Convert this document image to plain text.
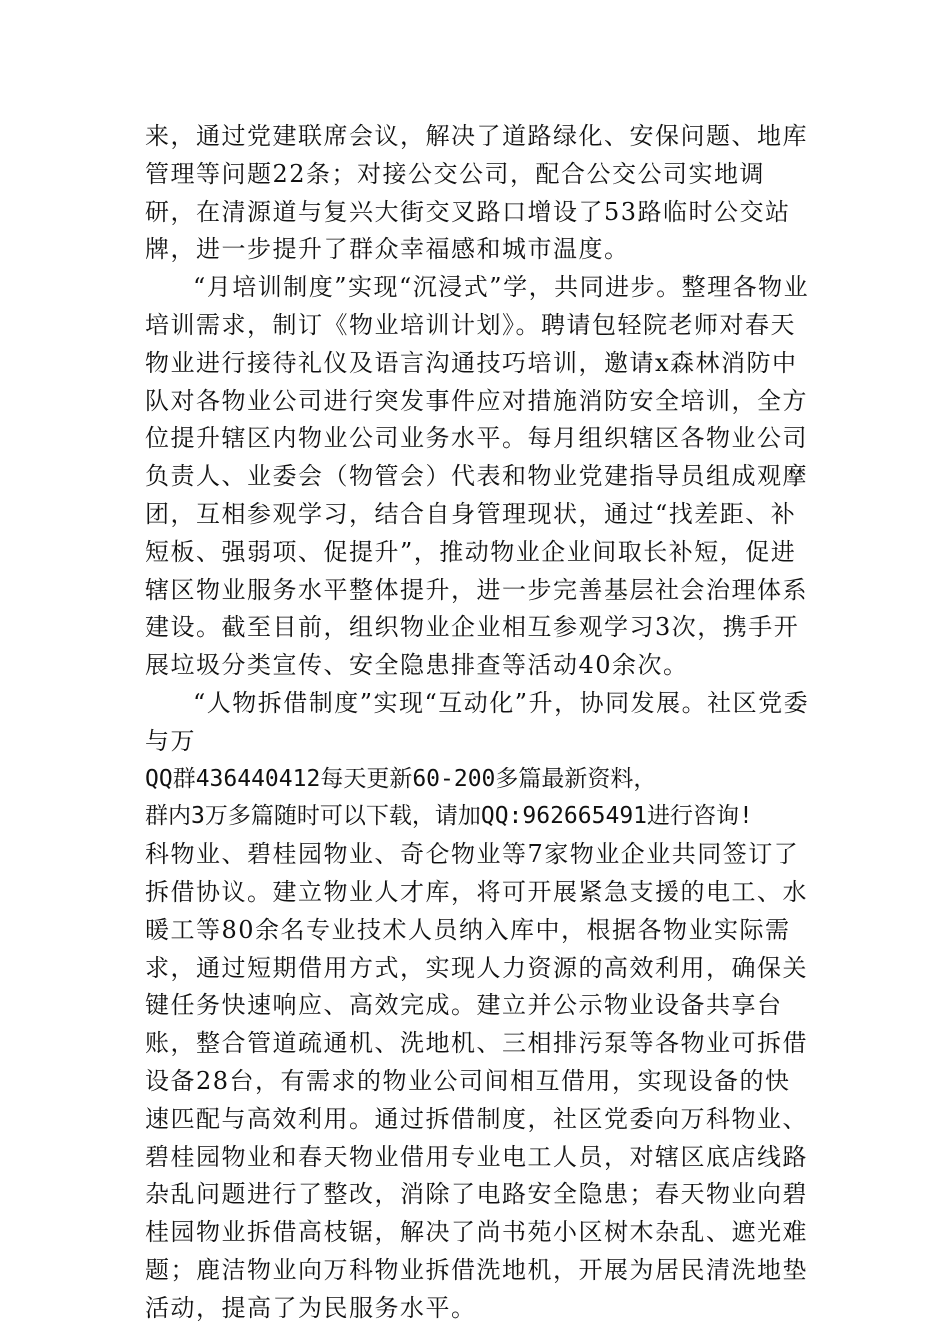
来，通过党建联席会议，解决了道路绿化、安保问题、地库管理等问题22条；对接公交公司，配合公交公司实地调研，在清源道与复兴大街交叉路口增设了53路临时公交站牌，进一步提升了群众幸福感和城市温度。

“月培训制度”实现“沉浸式”学，共同进步。整理各物业培训需求，制订《物业培训计划》。聘请包轻院老师对春天物业进行接待礼仪及语言沟通技巧培训，邀请x森林消防中队对各物业公司进行突发事件应对措施消防安全培训，全方位提升辖区内物业公司业务水平。每月组织辖区各物业公司负责人、业委会（物管会）代表和物业党建指导员组成观摩团，互相参观学习，结合自身管理现状，通过“找差距、补短板、强弱项、促提升”，推动物业企业间取长补短，促进辖区物业服务水平整体提升，进一步完善基层社会治理体系建设。截至目前，组织物业企业相互参观学习3次，携手开展垃圾分类宣传、安全隐患排查等活动40余次。

“人物拆借制度”实现“互动化”升，协同发展。社区党委与万
QQ群436440412每天更新60-200多篇最新资料，
群内3万多篇随时可以下载，请加QQ:962665491进行咨询!
科物业、碧桂园物业、奇仑物业等7家物业企业共同签订了拆借协议。建立物业人才库，将可开展紧急支援的电工、水暖工等80余名专业技术人员纳入库中，根据各物业实际需求，通过短期借用方式，实现人力资源的高效利用，确保关键任务快速响应、高效完成。建立并公示物业设备共享台账，整合管道疏通机、洗地机、三相排污泵等各物业可拆借设备28台，有需求的物业公司间相互借用，实现设备的快速匹配与高效利用。通过拆借制度，社区党委向万科物业、碧桂园物业和春天物业借用专业电工人员，对辖区底店线路杂乱问题进行了整改，消除了电路安全隐患；春天物业向碧桂园物业拆借高枝锯，解决了尚书苑小区树木杂乱、遮光难题；鹿洁物业向万科物业拆借洗地机，开展为居民清洗地垫活动，提高了为民服务水平。
